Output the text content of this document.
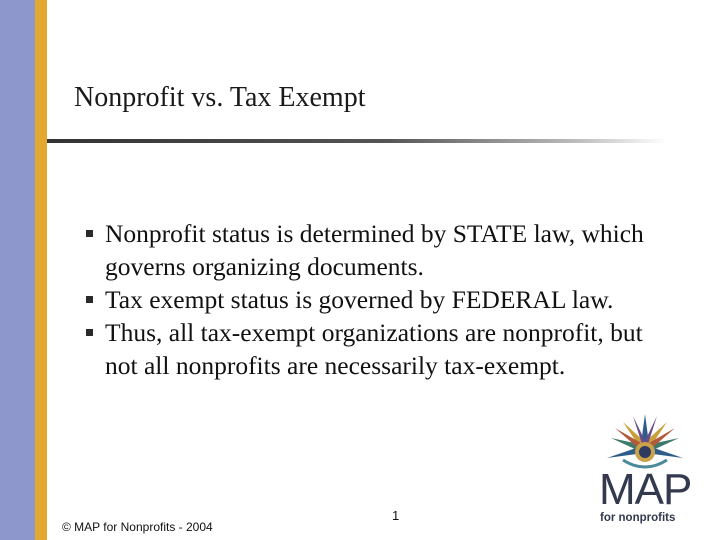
Nonprofit vs. Tax Exempt
Nonprofit status is determined by STATE law, which governs organizing documents.
Tax exempt status is governed by FEDERAL law.
Thus, all tax-exempt organizations are nonprofit, but not all nonprofits are necessarily tax-exempt.
MAP
for nonprofits
1
© MAP for Nonprofits - 2004
